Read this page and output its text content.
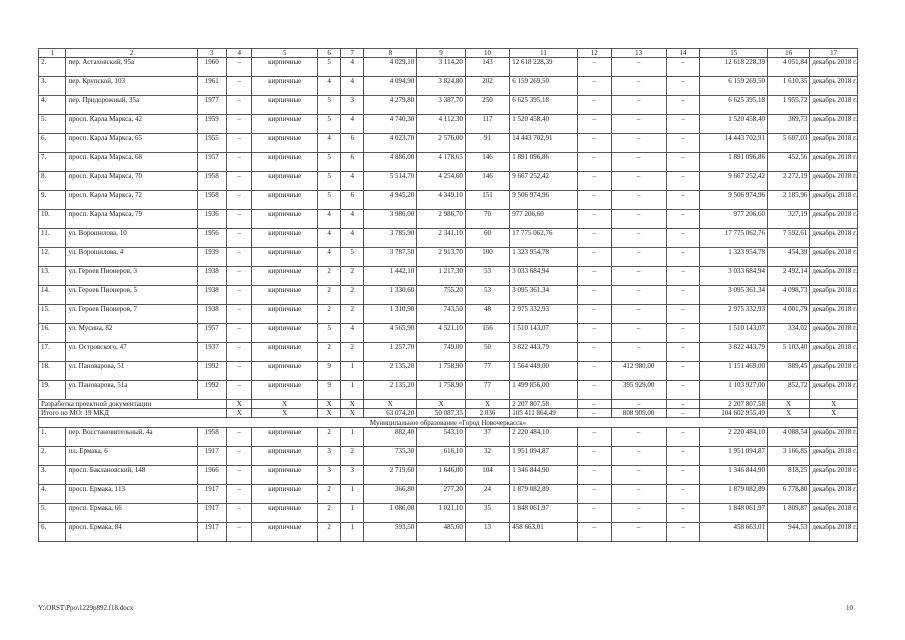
1	2	3	4	5	6	7	8	9	10	11	12	13	14	15	16	17
2.	пер. Астаховский, 95а	1960	–	кирпичные	5	4	4 029,10	3 114,20	143	12 618 228,39	–	–	–	12 618 228,39	4 051,84	декабрь 2018 г.
3.	пер. Крупской, 103	1961	–	кирпичные	4	4	4 094,90	3 824,80	202	6 159 269,50	–	–	–	6 159 269,50	1 610,35	декабрь 2018 г.
4.	пер. Придорожный, 35а	1977	–	кирпичные	5	3	4 279,80	3 387,70	250	6 625 395,18	–	–	–	6 625 395,18	1 955,72	декабрь 2018 г.
5.	просп. Карла Маркса, 42	1959	–	кирпичные	5	4	4 740,30	4 112,30	117	1 520 458,40	–	–	–	1 520 458,40	369,73	декабрь 2018 г.
6.	просп. Карла Маркса, 65	1955	–	кирпичные	4	6	4 023,70	2 576,00	91	14 443 702,91	–	–	–	14 443 702,91	5 607,03	декабрь 2018 г.
7.	просп. Карла Маркса, 68	1957	–	кирпичные	5	6	4 886,00	4 178,65	146	1 891 096,86	–	–	–	1 891 096,86	452,56	декабрь 2018 г.
8.	просп. Карла Маркса, 70	1958	–	кирпичные	5	4	5 514,70	4 254,60	146	9 667 252,42	–	–	–	9 667 252,42	2 272,19	декабрь 2018 г.
9.	просп. Карла Маркса, 72	1958	–	кирпичные	5	6	4 945,20	4 349,10	151	9 506 974,96	–	–	–	9 506 974,96	2 185,96	декабрь 2018 г.
10.	просп. Карла Маркса, 79	1936	–	кирпичные	4	4	3 986,00	2 986,70	70	977 206,60	–	–	–	977 206,60	327,19	декабрь 2018 г.
11.	ул. Ворошилова, 10	1956	–	кирпичные	4	4	3 785,90	2 341,10	60	17 775 062,76	–	–	–	17 775 062,76	7 592,61	декабрь 2018 г.
12.	ул. Ворошилова, 4	1939	–	кирпичные	4	5	3 787,50	2 913,70	100	1 323 954,78	–	–	–	1 323 954,78	454,39	декабрь 2018 г.
13.	ул. Героев Пионеров, 3	1938	–	кирпичные	2	2	1 442,10	1 217,30	53	3 033 684,94	–	–	–	3 033 684,94	2 492,14	декабрь 2018 г.
14.	ул. Героев Пионеров, 5	1938	–	кирпичные	2	2	1 330,60	755,20	53	3 095 361,34	–	–	–	3 095 361,34	4 098,73	декабрь 2018 г.
15.	ул. Героев Пионеров, 7	1938	–	кирпичные	2	2	1 310,90	743,50	48	2 975 332,93	–	–	–	2 975 332,93	4 001,79	декабрь 2018 г.
16.	ул. Мусина, 82	1957	–	кирпичные	5	4	4 565,90	4 521,10	156	1 510 143,07	–	–	–	1 510 143,07	334,02	декабрь 2018 г.
17.	ул. Островского, 47	1937	–	кирпичные	2	2	1 257,70	749,00	50	3 822 443,79	–	–	–	3 822 443,79	5 103,40	декабрь 2018 г.
18.	ул. Пановарова, 51	1992	–	кирпичные	9	1	2 135,20	1 758,90	77	1 564 449,00	–	412 980,00	–	1 151 469,00	889,45	декабрь 2018 г.
19.	ул. Пановарова, 51а	1992	–	кирпичные	9	1	2 135,20	1 758,90	77	1 499 856,00	–	395 929,00	–	1 103 927,00	852,72	декабрь 2018 г.
Разработка проектной документации			X	X	X	X	X	X	X	2 207 807,58	–	–	–	2 207 807,58	X	X
Итого по МО: 19 МКД			X	X	X	X	63 074,20	50 087,35	2 036	105 411 864,49	–	808 909,00	–	104 602 955,49	X	X
Муниципальное образование «Город Новочеркасск»																
1.	пер. Восстановительный, 4а	1958	–	кирпичные	2	1	882,40	543,10	37	2 220 484,10	–	–	–	2 220 484,10	4 088,54	декабрь 2018 г.
2.	пл. Ермака, 6	1917	–	кирпичные	3	2	735,30	616,10	32	1 951 094,87	–	–	–	1 951 094,87	3 166,85	декабрь 2018 г.
3.	просп. Баклановский, 148	1966	–	кирпичные	3	3	2 719,60	1 646,00	104	1 346 844,90	–	–	–	1 346 844,90	818,25	декабрь 2018 г.
4.	просп. Ермака, 113	1917	–	кирпичные	2	1	366,80	277,20	24	1 879 082,89	–	–	–	1 879 082,89	6 778,80	декабрь 2018 г.
5.	просп. Ермака, 66	1917	–	кирпичные	2	1	1 086,00	1 021,10	35	1 848 061,97	–	–	–	1 848 061,97	1 809,87	декабрь 2018 г.
6.	просп. Ермака, 84	1917	–	кирпичные	2	1	593,50	485,60	13	458 663,01	–	–	–	458 663,01	944,53	декабрь 2018 г.
Y:\ORST\Ppo\1229p892.f18.docx	10
